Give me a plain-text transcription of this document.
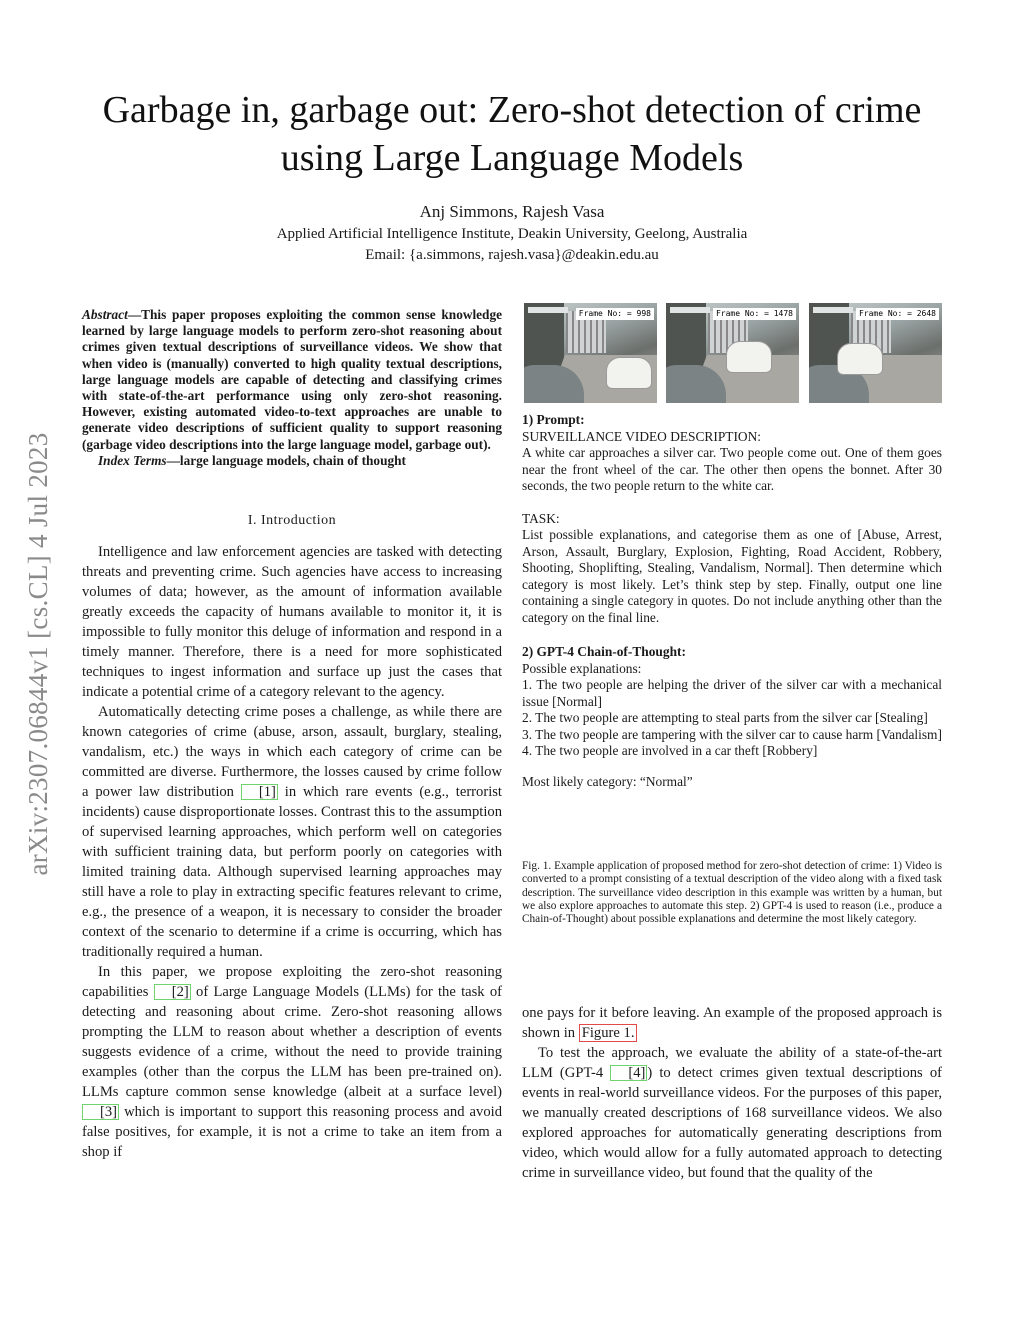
arXiv:2307.06844v1 [cs.CL] 4 Jul 2023
Garbage in, garbage out: Zero-shot detection of crime using Large Language Models
Anj Simmons, Rajesh Vasa
Applied Artificial Intelligence Institute, Deakin University, Geelong, Australia
Email: {a.simmons, rajesh.vasa}@deakin.edu.au
Abstract—This paper proposes exploiting the common sense knowledge learned by large language models to perform zero-shot reasoning about crimes given textual descriptions of surveillance videos. We show that when video is (manually) converted to high quality textual descriptions, large language models are capable of detecting and classifying crimes with state-of-the-art performance using only zero-shot reasoning. However, existing automated video-to-text approaches are unable to generate video descriptions of sufficient quality to support reasoning (garbage video descriptions into the large language model, garbage out).
Index Terms—large language models, chain of thought
I. Introduction

Intelligence and law enforcement agencies are tasked with detecting threats and preventing crime. Such agencies have access to increasing volumes of data; however, as the amount of information available greatly exceeds the capacity of humans available to monitor it, it is impossible to fully monitor this deluge of information and respond in a timely manner. Therefore, there is a need for more sophisticated techniques to ingest information and surface up just the cases that indicate a potential crime of a category relevant to the agency.

Automatically detecting crime poses a challenge, as while there are known categories of crime (abuse, arson, assault, burglary, stealing, vandalism, etc.) the ways in which each category of crime can be committed are diverse. Furthermore, the losses caused by crime follow a power law distribution [1] in which rare events (e.g., terrorist incidents) cause disproportionate losses. Contrast this to the assumption of supervised learning approaches, which perform well on categories with sufficient training data, but perform poorly on categories with limited training data. Although supervised learning approaches may still have a role to play in extracting specific features relevant to crime, e.g., the presence of a weapon, it is necessary to consider the broader context of the scenario to determine if a crime is occurring, which has traditionally required a human.

In this paper, we propose exploiting the zero-shot reasoning capabilities [2] of Large Language Models (LLMs) for the task of detecting and reasoning about crime. Zero-shot reasoning allows prompting the LLM to reason about whether a description of events suggests evidence of a crime, without the need to provide training examples (other than the corpus the LLM has been pre-trained on). LLMs capture common sense knowledge (albeit at a surface level) [3] which is important to support this reasoning process and avoid false positives, for example, it is not a crime to take an item from a shop if

Frame No: = 998	Frame No: = 1478	Frame No: = 2648
1) Prompt:
SURVEILLANCE VIDEO DESCRIPTION:
A white car approaches a silver car. Two people come out. One of them goes near the front wheel of the car. The other then opens the bonnet. After 30 seconds, the two people return to the white car.
TASK:
List possible explanations, and categorise them as one of [Abuse, Arrest, Arson, Assault, Burglary, Explosion, Fighting, Road Accident, Robbery, Shooting, Shoplifting, Stealing, Vandalism, Normal]. Then determine which category is most likely. Let’s think step by step. Finally, output one line containing a single category in quotes. Do not include anything other than the category on the final line.
2) GPT-4 Chain-of-Thought:
Possible explanations:
1. The two people are helping the driver of the silver car with a mechanical issue [Normal]
2. The two people are attempting to steal parts from the silver car [Stealing]
3. The two people are tampering with the silver car to cause harm [Vandalism]
4. The two people are involved in a car theft [Robbery]
Most likely category: “Normal”
Fig. 1. Example application of proposed method for zero-shot detection of crime: 1) Video is converted to a prompt consisting of a textual description of the video along with a fixed task description. The surveillance video description in this example was written by a human, but we also explore approaches to automate this step. 2) GPT-4 is used to reason (i.e., produce a Chain-of-Thought) about possible explanations and determine the most likely category.

one pays for it before leaving. An example of the proposed approach is shown in Figure 1.

To test the approach, we evaluate the ability of a state-of-the-art LLM (GPT-4 [4] ) to detect crimes given textual descriptions of events in real-world surveillance videos. For the purposes of this paper, we manually created descriptions of 168 surveillance videos. We also explored approaches for automatically generating descriptions from video, which would allow for a fully automated approach to detecting crime in surveillance video, but found that the quality of the
